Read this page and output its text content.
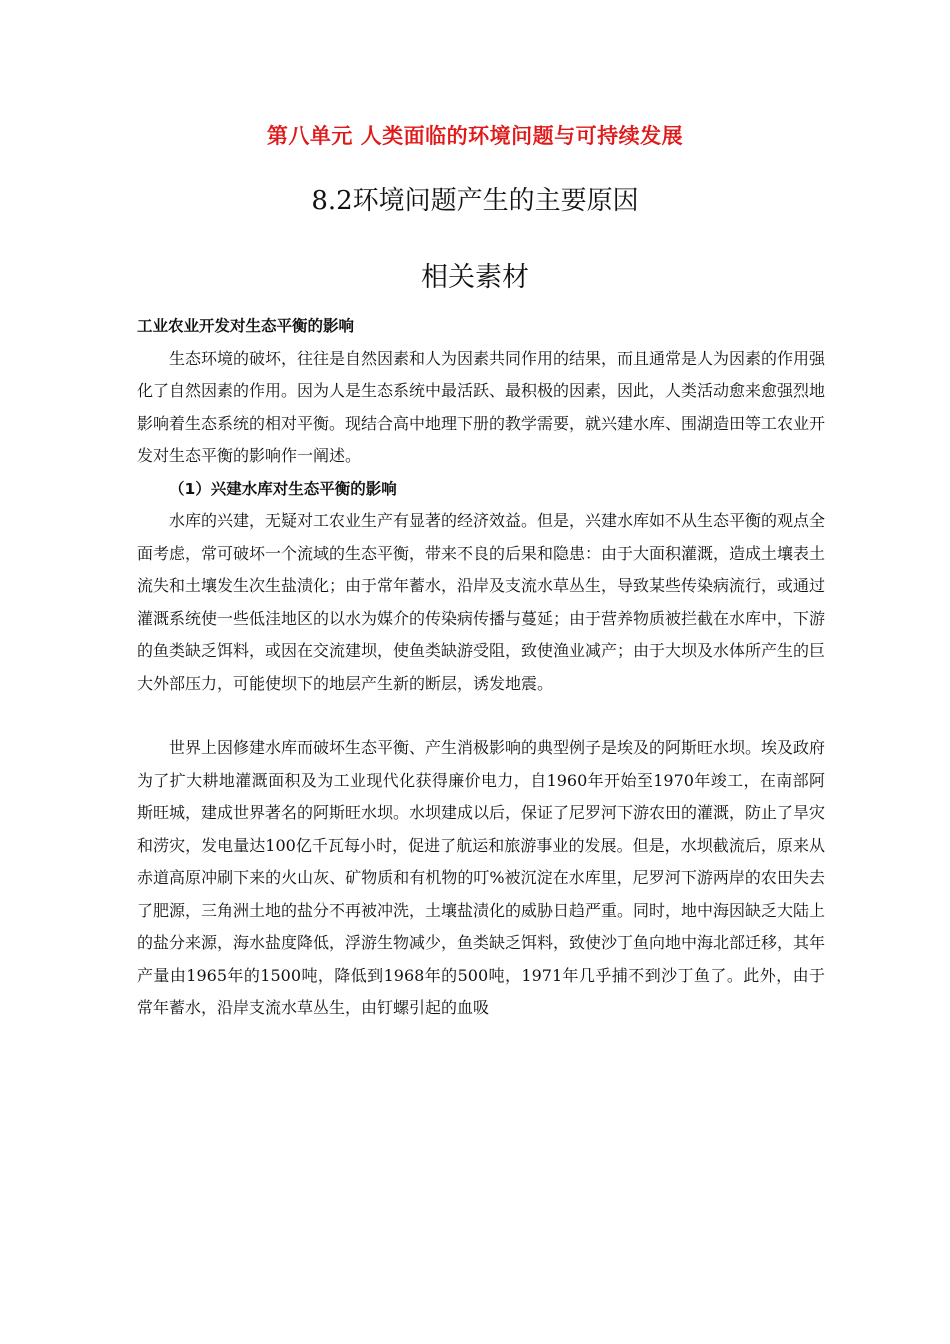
第八单元 人类面临的环境问题与可持续发展
8.2环境问题产生的主要原因
相关素材

工业农业开发对生态平衡的影响

生态环境的破坏，往往是自然因素和人为因素共同作用的结果，而且通常是人为因素的作用强化了自然因素的作用。因为人是生态系统中最活跃、最积极的因素，因此，人类活动愈来愈强烈地影响着生态系统的相对平衡。现结合高中地理下册的教学需要，就兴建水库、围湖造田等工农业开发对生态平衡的影响作一阐述。

（1）兴建水库对生态平衡的影响

水库的兴建，无疑对工农业生产有显著的经济效益。但是，兴建水库如不从生态平衡的观点全面考虑，常可破坏一个流域的生态平衡，带来不良的后果和隐患：由于大面积灌溉，造成土壤表土流失和土壤发生次生盐渍化；由于常年蓄水，沿岸及支流水草丛生，导致某些传染病流行，或通过灌溉系统使一些低洼地区的以水为媒介的传染病传播与蔓延；由于营养物质被拦截在水库中，下游的鱼类缺乏饵料，或因在交流建坝，使鱼类缺游受阻，致使渔业减产；由于大坝及水体所产生的巨大外部压力，可能使坝下的地层产生新的断层，诱发地震。

世界上因修建水库而破坏生态平衡、产生消极影响的典型例子是埃及的阿斯旺水坝。埃及政府为了扩大耕地灌溉面积及为工业现代化获得廉价电力，自1960年开始至1970年竣工，在南部阿斯旺城，建成世界著名的阿斯旺水坝。水坝建成以后，保证了尼罗河下游农田的灌溉，防止了旱灾和涝灾，发电量达100亿千瓦每小时，促进了航运和旅游事业的发展。但是，水坝截流后，原来从赤道高原冲刷下来的火山灰、矿物质和有机物的叮%被沉淀在水库里，尼罗河下游两岸的农田失去了肥源，三角洲土地的盐分不再被冲洗，土壤盐渍化的威胁日趋严重。同时，地中海因缺乏大陆上的盐分来源，海水盐度降低，浮游生物减少，鱼类缺乏饵料，致使沙丁鱼向地中海北部迁移，其年产量由1965年的1500吨，降低到1968年的500吨，1971年几乎捕不到沙丁鱼了。此外，由于常年蓄水，沿岸支流水草丛生，由钉螺引起的血吸
